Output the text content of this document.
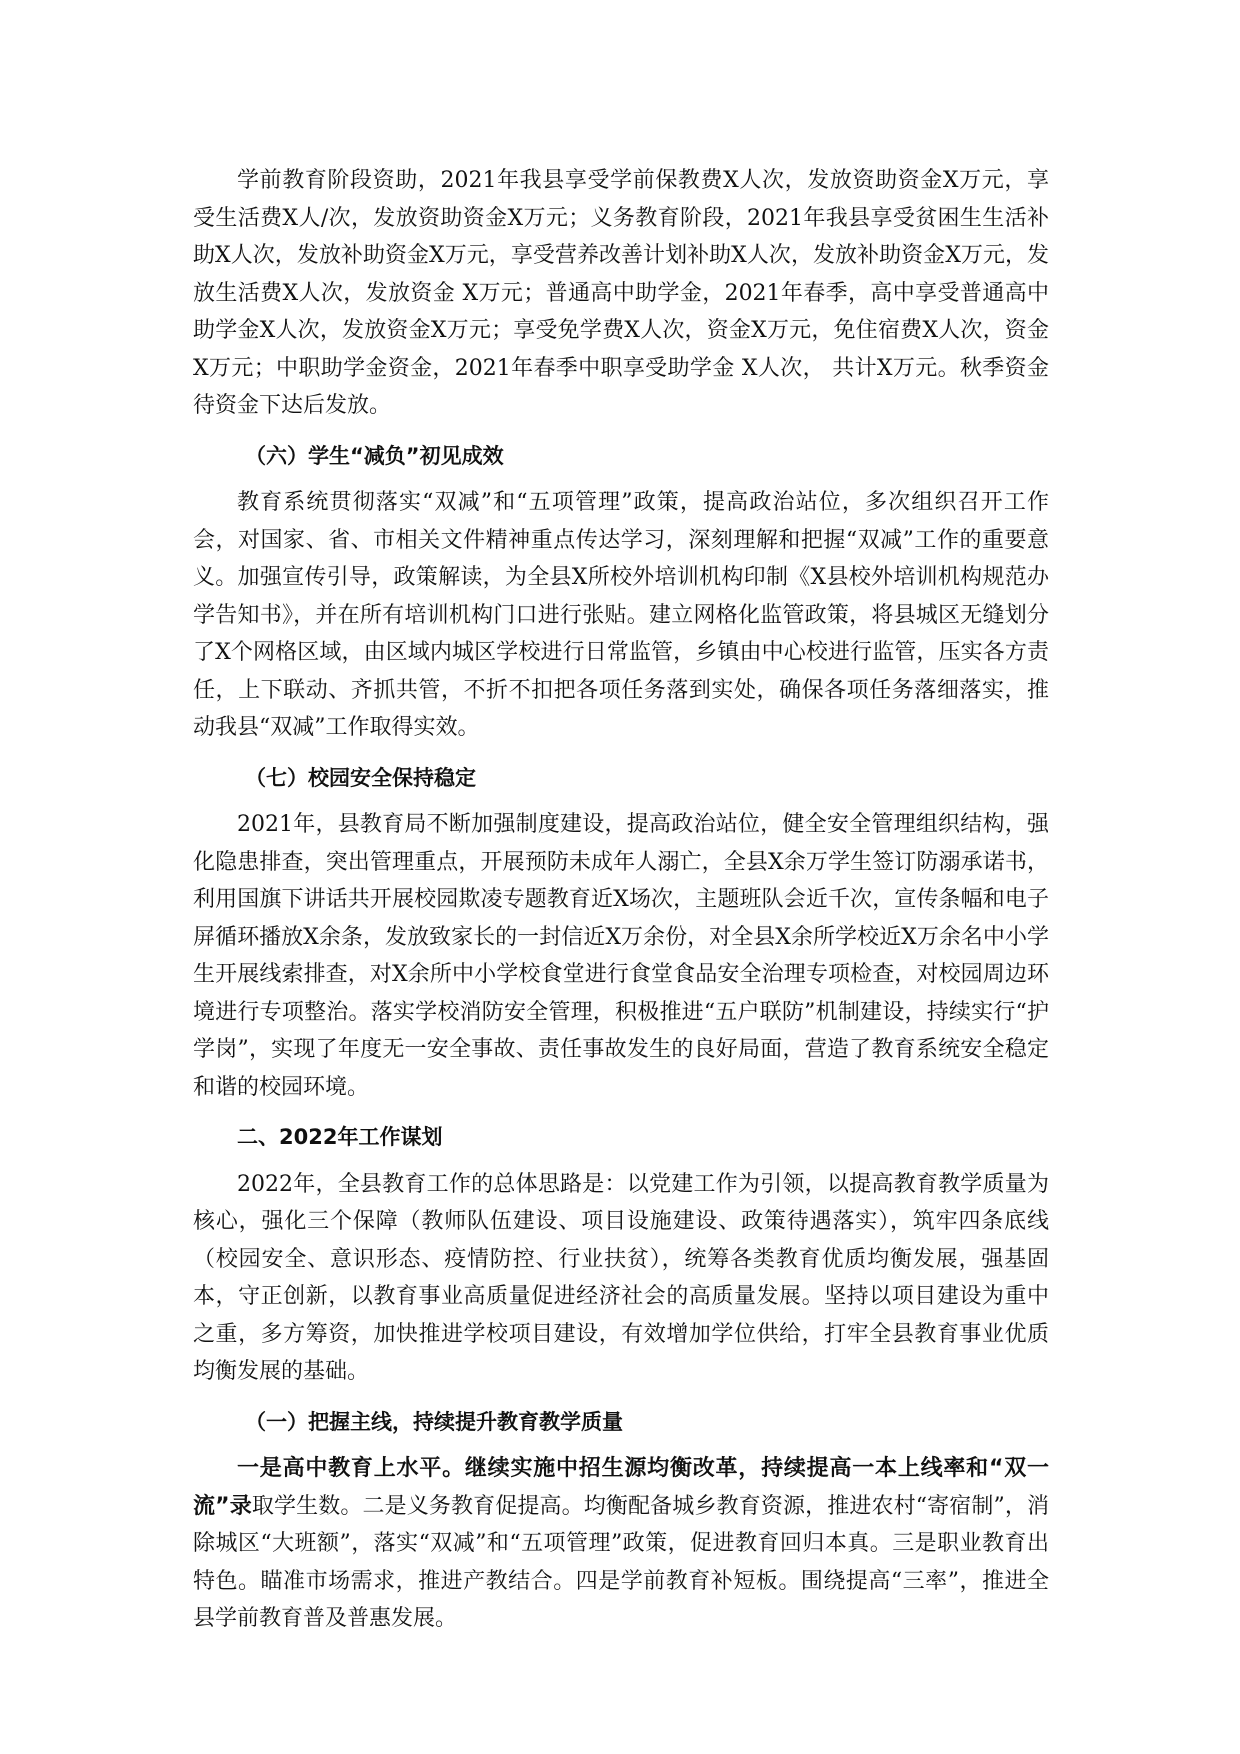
学前教育阶段资助，2021年我县享受学前保教费X人次，发放资助资金X万元，享受生活费X人/次，发放资助资金X万元；义务教育阶段，2021年我县享受贫困生生活补助X人次，发放补助资金X万元，享受营养改善计划补助X人次，发放补助资金X万元，发放生活费X人次，发放资金 X万元；普通高中助学金，2021年春季，高中享受普通高中助学金X人次，发放资金X万元；享受免学费X人次，资金X万元，免住宿费X人次，资金X万元；中职助学金资金，2021年春季中职享受助学金 X人次， 共计X万元。秋季资金待资金下达后发放。

（六）学生“减负”初见成效

教育系统贯彻落实“双减”和“五项管理”政策，提高政治站位，多次组织召开工作会，对国家、省、市相关文件精神重点传达学习，深刻理解和把握“双减”工作的重要意义。加强宣传引导，政策解读，为全县X所校外培训机构印制《X县校外培训机构规范办学告知书》，并在所有培训机构门口进行张贴。建立网格化监管政策，将县城区无缝划分了X个网格区域，由区域内城区学校进行日常监管，乡镇由中心校进行监管，压实各方责任，上下联动、齐抓共管，不折不扣把各项任务落到实处，确保各项任务落细落实，推动我县“双减”工作取得实效。

（七）校园安全保持稳定

2021年，县教育局不断加强制度建设，提高政治站位，健全安全管理组织结构，强化隐患排查，突出管理重点，开展预防未成年人溺亡，全县X余万学生签订防溺承诺书，利用国旗下讲话共开展校园欺凌专题教育近X场次，主题班队会近千次，宣传条幅和电子屏循环播放X余条，发放致家长的一封信近X万余份，对全县X余所学校近X万余名中小学生开展线索排查，对X余所中小学校食堂进行食堂食品安全治理专项检查，对校园周边环境进行专项整治。落实学校消防安全管理，积极推进“五户联防”机制建设，持续实行“护学岗”，实现了年度无一安全事故、责任事故发生的良好局面，营造了教育系统安全稳定和谐的校园环境。

二、2022年工作谋划

2022年，全县教育工作的总体思路是：以党建工作为引领，以提高教育教学质量为核心，强化三个保障（教师队伍建设、项目设施建设、政策待遇落实），筑牢四条底线（校园安全、意识形态、疫情防控、行业扶贫），统筹各类教育优质均衡发展，强基固本，守正创新，以教育事业高质量促进经济社会的高质量发展。坚持以项目建设为重中之重，多方筹资，加快推进学校项目建设，有效增加学位供给，打牢全县教育事业优质均衡发展的基础。

（一）把握主线，持续提升教育教学质量

一是高中教育上水平。继续实施中招生源均衡改革，持续提高一本上线率和“双一流”录取学生数。二是义务教育促提高。均衡配备城乡教育资源，推进农村“寄宿制”，消除城区“大班额”，落实“双减”和“五项管理”政策，促进教育回归本真。三是职业教育出特色。瞄准市场需求，推进产教结合。四是学前教育补短板。围绕提高“三率”，推进全县学前教育普及普惠发展。
